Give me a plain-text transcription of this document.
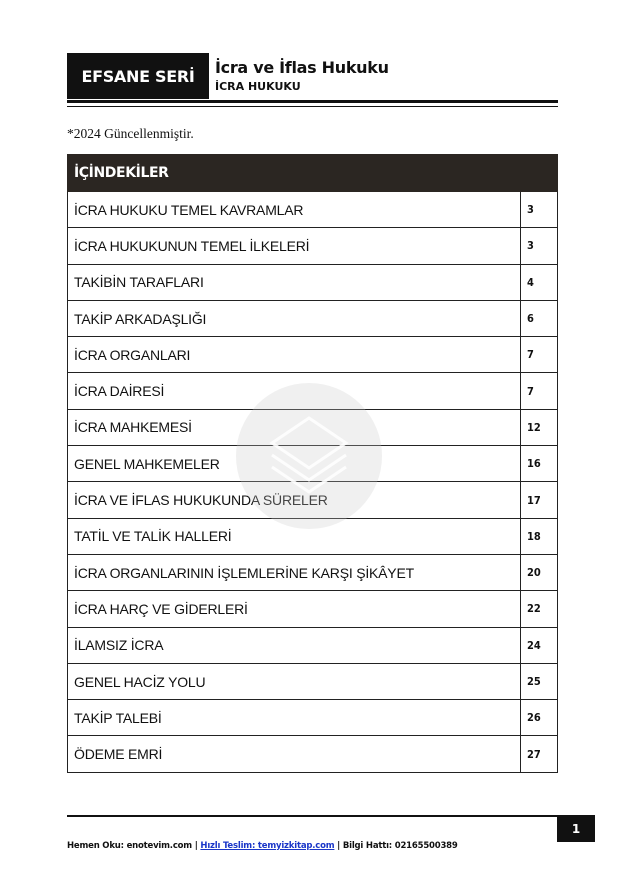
EFSANE SERİ	İcra ve İflas Hukuku
İCRA HUKUKU
*2024 Güncellenmiştir.
İÇİNDEKİLER
İCRA HUKUKU TEMEL KAVRAMLAR	3
İCRA HUKUKUNUN TEMEL İLKELERİ	3
TAKİBİN TARAFLARI	4
TAKİP ARKADAŞLIĞI	6
İCRA ORGANLARI	7
İCRA DAİRESİ	7
İCRA MAHKEMESİ	12
GENEL MAHKEMELER	16
İCRA VE İFLAS HUKUKUNDA SÜRELER	17
TATİL VE TALİK HALLERİ	18
İCRA ORGANLARININ İŞLEMLERİNE KARŞI ŞİKÂYET	20
İCRA HARÇ VE GİDERLERİ	22
İLAMSIZ İCRA	24
GENEL HACİZ YOLU	25
TAKİP TALEBİ	26
ÖDEME EMRİ	27
1
Hemen Oku: enotevim.com | Hızlı Teslim: temyizkitap.com | Bilgi Hattı: 02165500389
